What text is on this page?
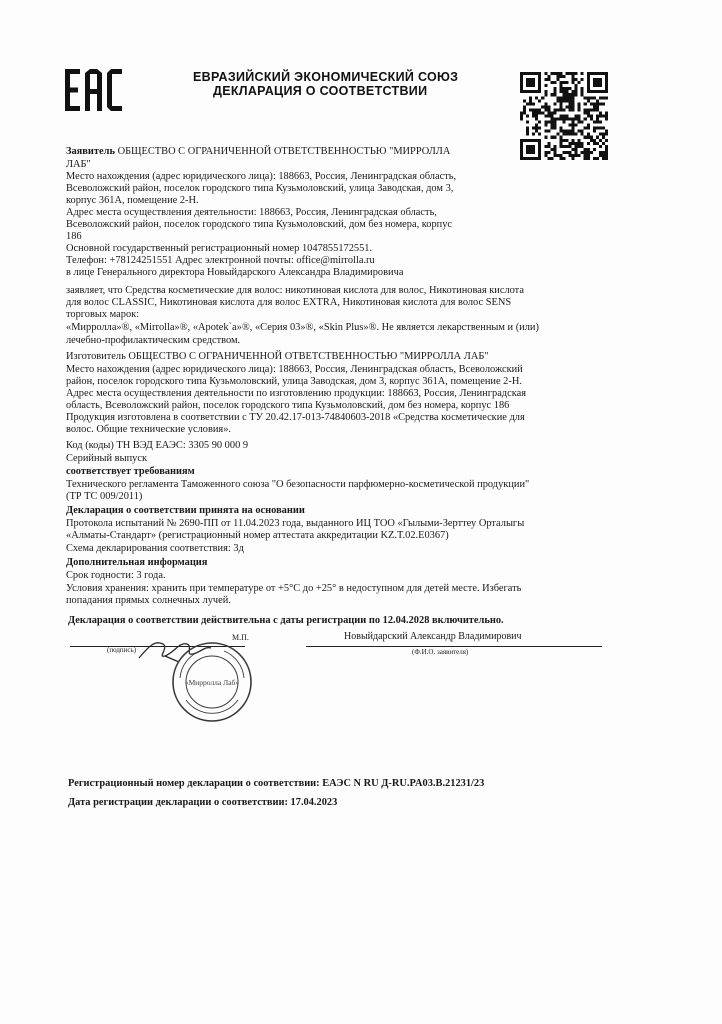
ЕВРАЗИЙСКИЙ ЭКОНОМИЧЕСКИЙ СОЮЗ
ДЕКЛАРАЦИЯ О СООТВЕТСТВИИ
Заявитель ОБЩЕСТВО С ОГРАНИЧЕННОЙ ОТВЕТСТВЕННОСТЬЮ "МИРРОЛЛА
ЛАБ"
Место нахождения (адрес юридического лица): 188663, Россия, Ленинградская область,
Всеволожский район, поселок городского типа Кузьмоловский, улица Заводская, дом 3,
корпус 361А, помещение 2-Н.
Адрес места осуществления деятельности: 188663, Россия, Ленинградская область,
Всеволожский район, поселок городского типа Кузьмоловский, дом без номера, корпус
186
Основной государственный регистрационный номер 1047855172551.
Телефон: +78124251551 Адрес электронной почты: office@mirrolla.ru
в лице Генерального директора Новыйдарского Александра Владимировича
заявляет, что Средства косметические для волос: никотиновая кислота для волос, Никотиновая кислота
для волос CLASSIC, Никотиновая кислота для волос EXTRA, Никотиновая кислота для волос SENS
торговых марок:
«Мирролла»®, «Mirrolla»®, «Apotek`a»®, «Серия 03»®, «Skin Plus»®. Не является лекарственным и (или)
лечебно-профилактическим средством.
Изготовитель ОБЩЕСТВО С ОГРАНИЧЕННОЙ ОТВЕТСТВЕННОСТЬЮ "МИРРОЛЛА ЛАБ"
Место нахождения (адрес юридического лица): 188663, Россия, Ленинградская область, Всеволожский
район, поселок городского типа Кузьмоловский, улица Заводская, дом 3, корпус 361А, помещение 2-Н.
Адрес места осуществления деятельности по изготовлению продукции: 188663, Россия, Ленинградская
область, Всеволожский район, поселок городского типа Кузьмоловский, дом без номера, корпус 186
Продукция изготовлена в соответствии с ТУ 20.42.17-013-74840603-2018 «Средства косметические для
волос. Общие технические условия».
Код (коды) ТН ВЭД ЕАЭС: 3305 90 000 9
Серийный выпуск
соответствует требованиям
Технического регламента Таможенного союза "О безопасности парфюмерно-косметической продукции"
(ТР ТС 009/2011)
Декларация о соответствии принята на основании
Протокола испытаний № 2690-ПП от 11.04.2023 года, выданного ИЦ ТОО «Гылыми-Зерттеу Орталыгы
«Алматы-Стандарт» (регистрационный номер аттестата аккредитации KZ.T.02.E0367)
Схема декларирования соответствия: 3д
Дополнительная информация
Срок годности: 3 года.
Условия хранения: хранить при температуре от +5°С до +25° в недоступном для детей месте. Избегать
попадания прямых солнечных лучей.
Декларация о соответствии действительна с даты регистрации по 12.04.2028 включительно.
М.П.	Новыйдарский Александр Владимирович
(подпись)	(Ф.И.О. заявителя)
«Мирролла Лаб»
Регистрационный номер декларации о соответствии: ЕАЭС N RU Д-RU.PA03.B.21231/23
Дата регистрации декларации о соответствии: 17.04.2023
